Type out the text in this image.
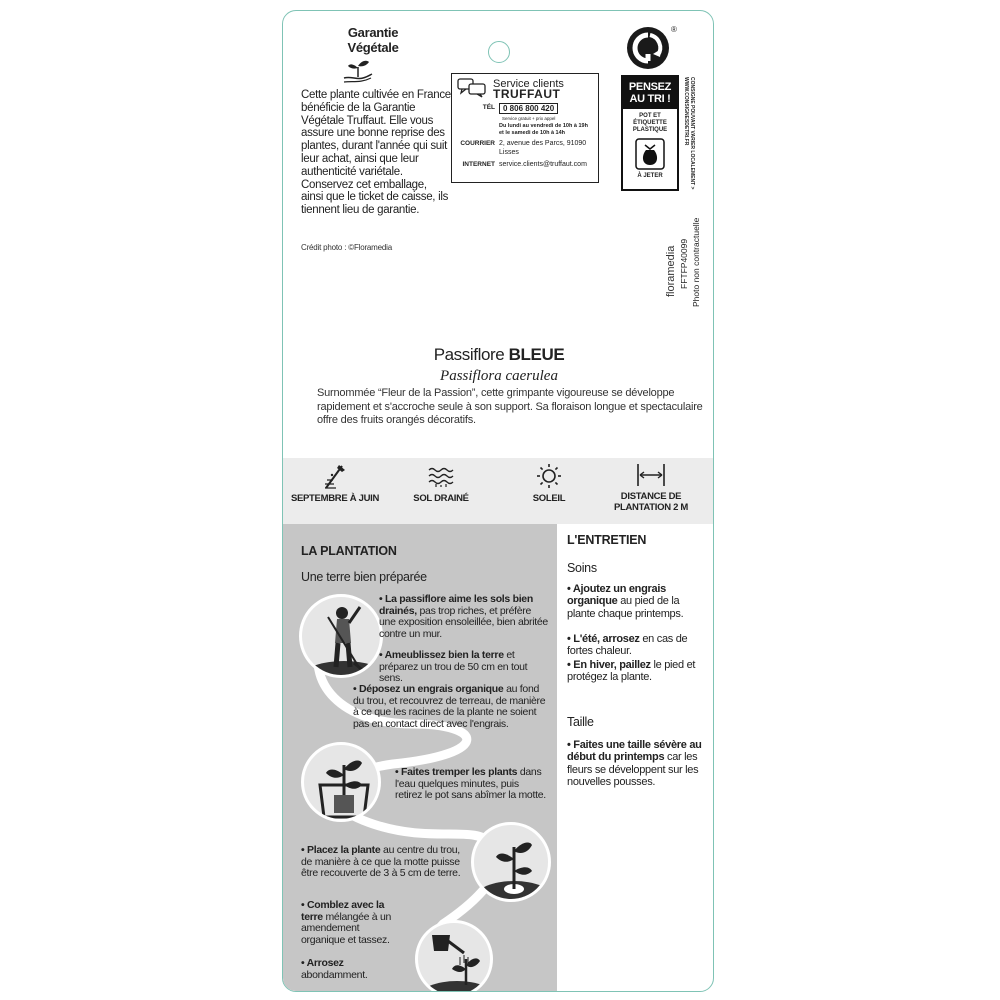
Garantie Végétale
Cette plante cultivée en France bénéficie de la Garantie Végétale Truffaut. Elle vous assure une bonne reprise des plantes, durant l'année qui suit leur achat, ainsi que leur authenticité variétale. Conservez cet emballage, ainsi que le ticket de caisse, ils tiennent lieu de garantie.
Crédit photo : ©Floramedia
Service clients
TRUFFAUT
TÉL	0 806 800 420Service gratuit + prix appel
Du lundi au vendredi de 10h à 19h et le samedi de 10h à 14h
COURRIER 2, avenue des Parcs, 91090 Lisses
INTERNET service.clients@truffaut.com
®
PENSEZ AU TRI !
POT ET ÉTIQUETTE PLASTIQUE
À JETER	CONSIGNE POUVANT VARIER LOCALEMENT > WWW.CONSIGNESDETRI.FR
floramedia FFTFP40099 Photo non contractuelle
Passiflore BLEUE
Passiflora caerulea
Surnommée “Fleur de la Passion”, cette grimpante vigoureuse se développe rapidement et s'accroche seule à son support. Sa floraison longue et spectaculaire offre des fruits orangés décoratifs.
SEPTEMBRE À JUIN	SOL DRAINÉ	SOLEIL	DISTANCE DE PLANTATION 2 M
LA PLANTATION
Une terre bien préparée
• La passiflore aime les sols bien drainés, pas trop riches, et préfère une exposition ensoleillée, bien abritée contre un mur.
• Ameublissez bien la terre et préparez un trou de 50 cm en tout sens.
• Déposez un engrais organique au fond du trou, et recouvrez de terreau, de manière à ce que les racines de la plante ne soient pas en contact direct avec l'engrais.
• Faites tremper les plants dans l'eau quelques minutes, puis retirez le pot sans abîmer la motte.
• Placez la plante au centre du trou, de manière à ce que la motte puisse être recouverte de 3 à 5 cm de terre.
• Comblez avec la terre mélangée à un amendement organique et tassez.
• Arrosez abondamment.
L'ENTRETIEN
Soins
• Ajoutez un engrais organique au pied de la plante chaque printemps.
• L'été, arrosez en cas de fortes chaleur.
• En hiver, paillez le pied et protégez la plante.
Taille
• Faites une taille sévère au début du printemps car les fleurs se développent sur les nouvelles pousses.
